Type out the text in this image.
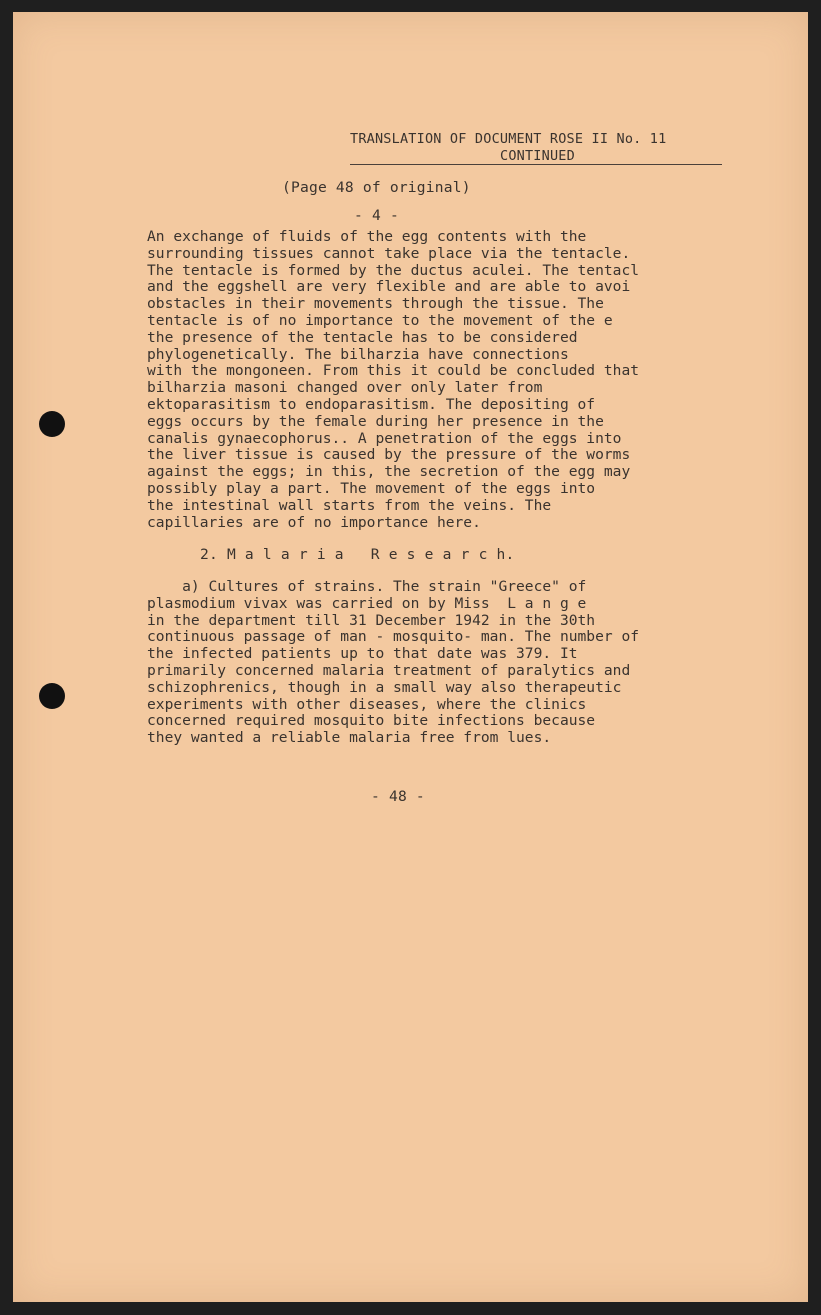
TRANSLATION OF DOCUMENT ROSE II No. 11
CONTINUED
(Page 48 of original)
- 4 -
An exchange of fluids of the egg contents with the
surrounding tissues cannot take place via the tentacle.
The tentacle is formed by the ductus aculei. The tentacl
and the eggshell are very flexible and are able to avoi
obstacles in their movements through the tissue. The
tentacle is of no importance to the movement of the e
the presence of the tentacle has to be considered
phylogenetically. The bilharzia have connections
with the mongoneen. From this it could be concluded that
bilharzia masoni changed over only later from
ektoparasitism to endoparasitism. The depositing of
eggs occurs by the female during her presence in the
canalis gynaecophorus.. A penetration of the eggs into
the liver tissue is caused by the pressure of the worms
against the eggs; in this, the secretion of the egg may
possibly play a part. The movement of the eggs into
the intestinal wall starts from the veins. The
capillaries are of no importance here.
2. M a l a r i a   R e s e a r c h.
a) Cultures of strains. The strain "Greece" of
plasmodium vivax was carried on by Miss  L a n g e
in the department till 31 December 1942 in the 30th
continuous passage of man - mosquito- man. The number of
the infected patients up to that date was 379. It
primarily concerned malaria treatment of paralytics and
schizophrenics, though in a small way also therapeutic
experiments with other diseases, where the clinics
concerned required mosquito bite infections because
they wanted a reliable malaria free from lues.
- 48 -
